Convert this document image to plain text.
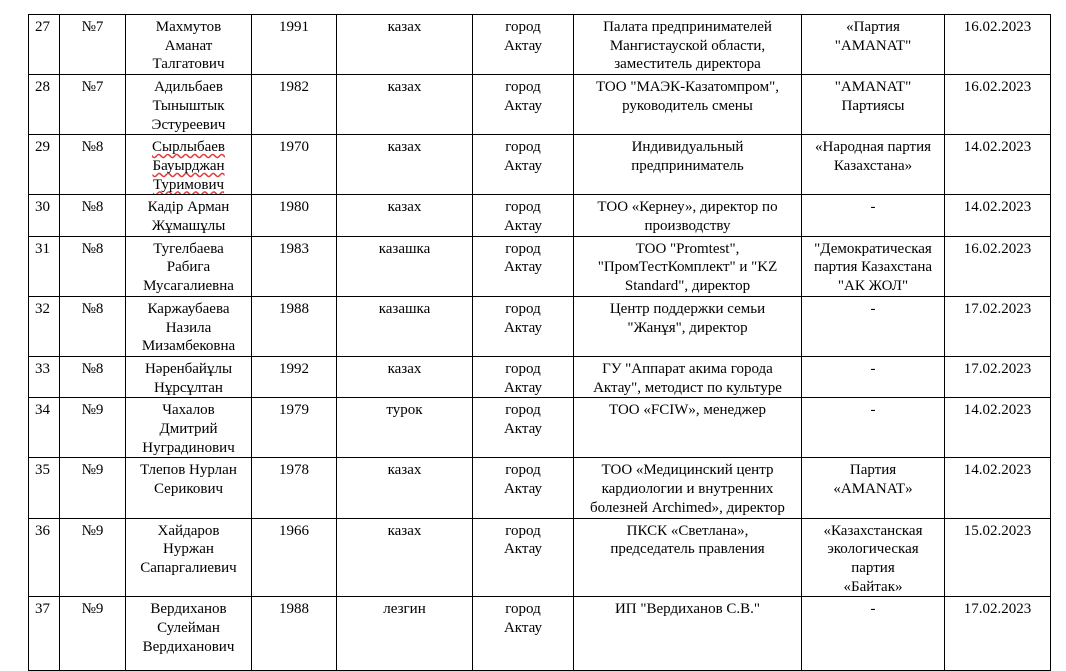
27	№7	Махмутов
Аманат
Талгатович	1991	казах	город
Актау	Палата предпринимателей
Мангистауской области,
заместитель директора	«Партия
"AMANAT"	16.02.2023

28	№7	Адильбаев
Тыныштык
Эстуреевич	1982	казах	город
Актау	ТОО "МАЭК-Казатомпром",
руководитель смены	"AMANAT"
Партиясы	16.02.2023

29	№8	Сырлыбаев
Бауырджан
Туримович	1970	казах	город
Актау	Индивидуальный
предприниматель	«Народная партия
Казахстана»	14.02.2023

30	№8	Кадір Арман
Жұмашұлы	1980	казах	город
Актау	ТОО «Кернеу», директор по
производству	-	14.02.2023

31	№8	Тугелбаева
Рабига
Мусагалиевна	1983	казашка	город
Актау	ТОО "Promtest",
"ПромТестКомплект" и "KZ
Standard", директор	"Демократическая
партия Казахстана
"АК ЖОЛ"	16.02.2023

32	№8	Каржаубаева
Назила
Мизамбековна	1988	казашка	город
Актау	Центр поддержки семьи
"Жанұя", директор	-	17.02.2023

33	№8	Нәренбайұлы
Нұрсұлтан	1992	казах	город
Актау	ГУ "Аппарат акима города
Актау", методист по культуре	-	17.02.2023

34	№9	Чахалов
Дмитрий
Нуградинович	1979	турок	город
Актау	ТОО «FCIW», менеджер	-	14.02.2023

35	№9	Тлепов Нурлан
Серикович	1978	казах	город
Актау	ТОО «Медицинский центр
кардиологии и внутренних
болезней Archimed», директор	Партия
«AMANAT»	14.02.2023

36	№9	Хайдаров
Нуржан
Сапаргалиевич	1966	казах	город
Актау	ПКСК «Светлана»,
председатель правления	«Казахстанская
экологическая
партия
«Байтак»	15.02.2023

37	№9	Вердиханов
Сулейман
Вердиханович	1988	лезгин	город
Актау	ИП "Вердиханов С.В."	-	17.02.2023
